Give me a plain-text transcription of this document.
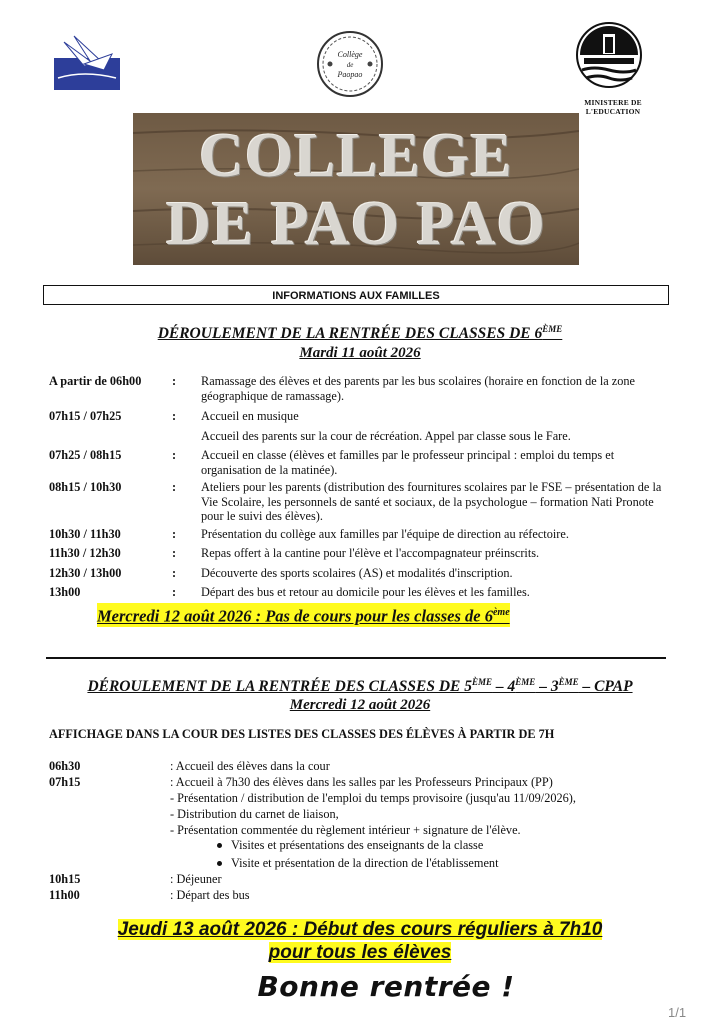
Collège
de
Paopao
MINISTERE DE L'EDUCATION
COLLEGE
DE PAO PAO
INFORMATIONS AUX FAMILLES
DÉROULEMENT DE LA RENTRÉE DES CLASSES DE 6ÈME
Mardi 11 août 2026
A partir de 06h00 : Ramassage des élèves et des parents par les bus scolaires (horaire en fonction de la zone géographique de ramassage).
07h15 / 07h25	: Accueil en musique
Accueil des parents sur la cour de récréation. Appel par classe sous le Fare.
07h25 / 08h15	: Accueil en classe (élèves et familles par le professeur principal : emploi du temps et organisation de la matinée).
08h15 / 10h30	: Ateliers pour les parents (distribution des fournitures scolaires par le FSE – présentation de la Vie Scolaire, les personnels de santé et sociaux, de la psychologue – formation Nati Pronote pour le suivi des élèves).
10h30 / 11h30	: Présentation du collège aux familles par l'équipe de direction au réfectoire.
11h30 / 12h30	: Repas offert à la cantine pour l'élève et l'accompagnateur préinscrits.
12h30 / 13h00	: Découverte des sports scolaires (AS) et modalités d'inscription.
13h00	: Départ des bus et retour au domicile pour les élèves et les familles.
Mercredi 12 août 2026 : Pas de cours pour les classes de 6ème
DÉROULEMENT DE LA RENTRÉE DES CLASSES DE 5ÈME – 4ÈME – 3ÈME – CPAP
Mercredi 12 août 2026
AFFICHAGE DANS LA COUR DES LISTES DES CLASSES DES ÉLÈVES À PARTIR DE 7H
06h30	: Accueil des élèves dans la cour
07h15	: Accueil à 7h30 des élèves dans les salles par les Professeurs Principaux (PP)
- Présentation / distribution de l'emploi du temps provisoire (jusqu'au 11/09/2026),
- Distribution du carnet de liaison,
- Présentation commentée du règlement intérieur + signature de l'élève.
Visites et présentations des enseignants de la classe
Visite et présentation de la direction de l'établissement
10h15	: Déjeuner
11h00	: Départ des bus
Jeudi 13 août 2026 : Début des cours réguliers à 7h10
pour tous les élèves
Bonne rentrée !
1/1
